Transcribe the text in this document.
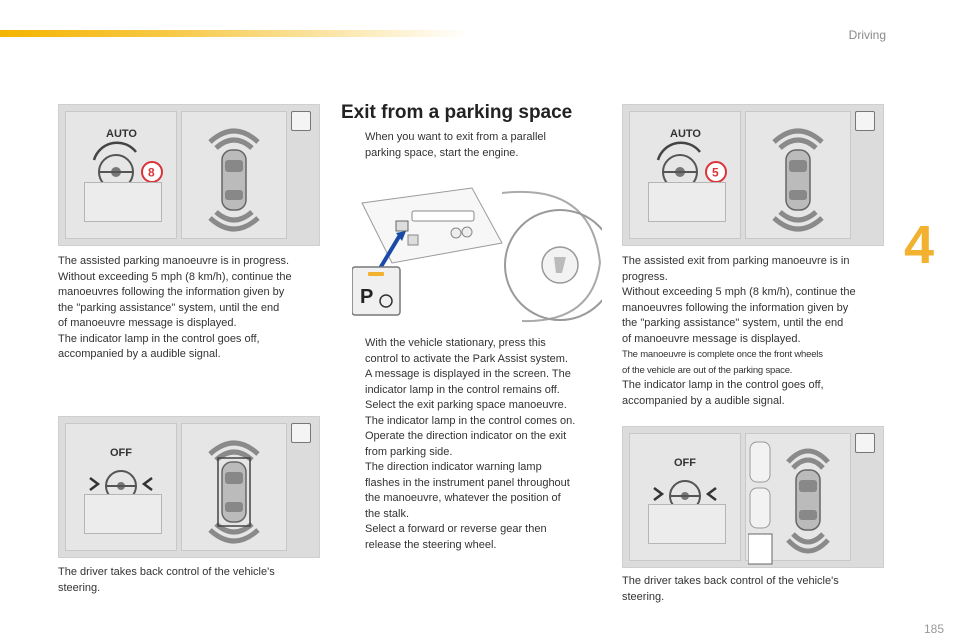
Driving
4
AUTO
8
AUTO
5
OFF
OFF

The assisted parking manoeuvre is in progress.

Without exceeding 5 mph (8 km/h), continue the

manoeuvres following the information given by

the "parking assistance" system, until the end

of manoeuvre message is displayed.

The indicator lamp in the control goes off,

accompanied by a audible signal.

The driver takes back control of the vehicle's

steering.

Exit from a parking space
When you want to exit from a parallel
parking space, start the engine.
P
With the vehicle stationary, press this
control to activate the Park Assist system.
A message is displayed in the screen. The
indicator lamp in the control remains off.
Select the exit parking space manoeuvre.
The indicator lamp in the control comes on.
Operate the direction indicator on the exit
from parking side.
The direction indicator warning lamp
flashes in the instrument panel throughout
the manoeuvre, whatever the position of
the stalk.
Select a forward or reverse gear then
release the steering wheel.

The assisted exit from parking manoeuvre is in

progress.

Without exceeding 5 mph (8 km/h), continue the

manoeuvres following the information given by

the "parking assistance" system, until the end

of manoeuvre message is displayed.

The manoeuvre is complete once the front wheels

of the vehicle are out of the parking space.

The indicator lamp in the control goes off,

accompanied by a audible signal.

The driver takes back control of the vehicle's

steering.

185
